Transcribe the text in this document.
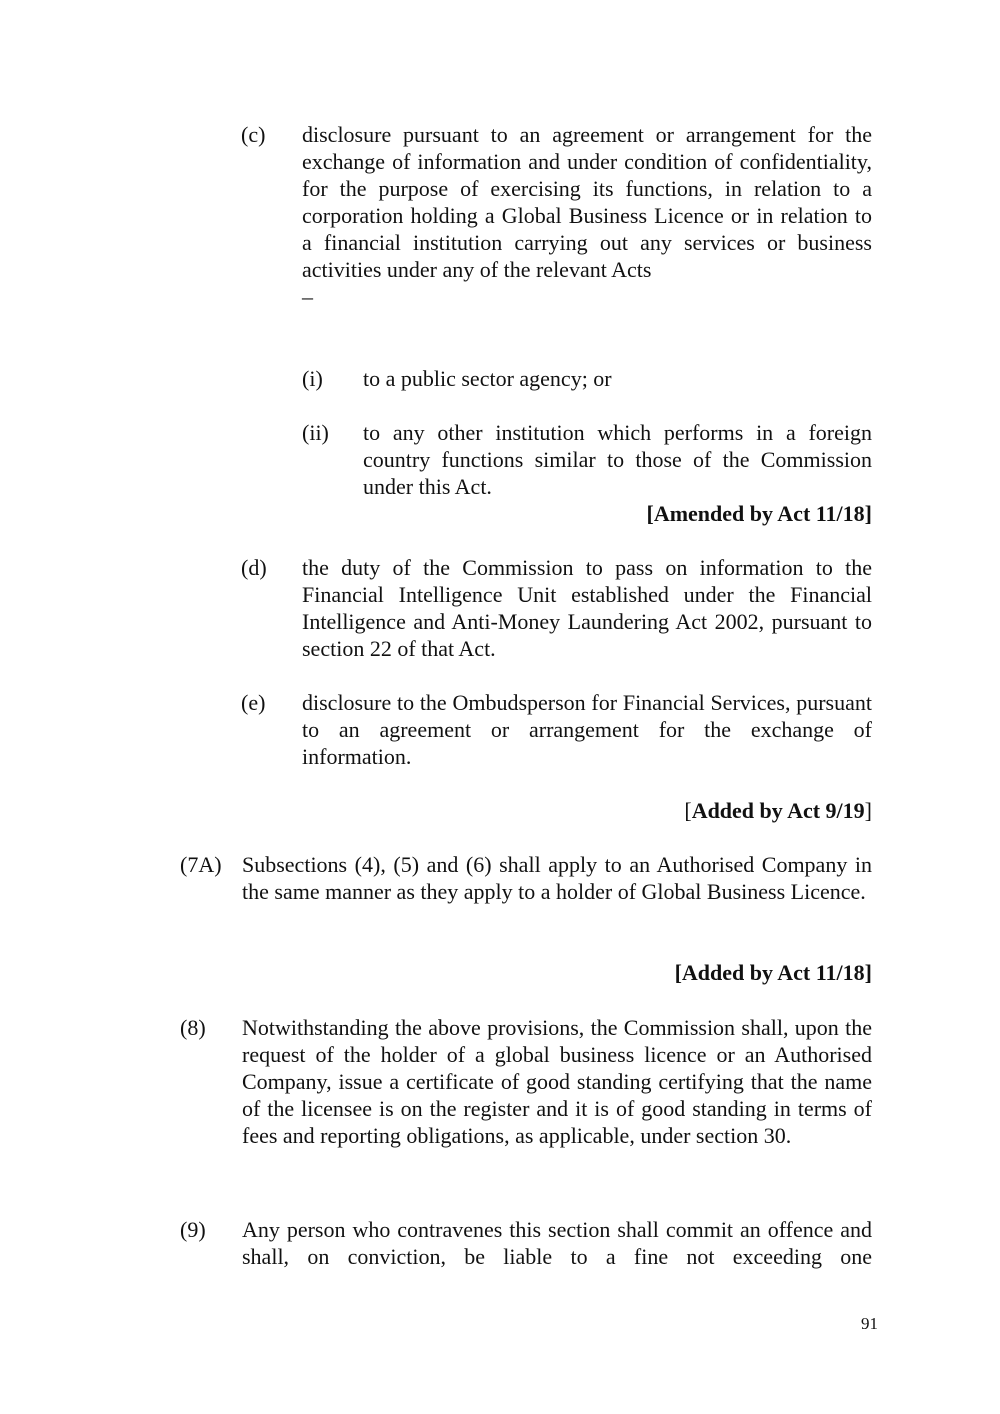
(c) disclosure pursuant to an agreement or arrangement for the exchange of information and under condition of confidentiality, for the purpose of exercising its functions, in relation to a corporation holding a Global Business Licence or in relation to a financial institution carrying out any services or business activities under any of the relevant Acts
–
(i) to a public sector agency; or
(ii) to any other institution which performs in a foreign country functions similar to those of the Commission under this Act.
[Amended by Act 11/18]
(d) the duty of the Commission to pass on information to the Financial Intelligence Unit established under the Financial Intelligence and Anti-Money Laundering Act 2002, pursuant to section 22 of that Act.
(e) disclosure to the Ombudsperson for Financial Services, pursuant to an agreement or arrangement for the exchange of information.
[Added by Act 9/19]
(7A) Subsections (4), (5) and (6) shall apply to an Authorised Company in the same manner as they apply to a holder of Global Business Licence.
[Added by Act 11/18]
(8) Notwithstanding the above provisions, the Commission shall, upon the request of the holder of a global business licence or an Authorised Company, issue a certificate of good standing certifying that the name of the licensee is on the register and it is of good standing in terms of fees and reporting obligations, as applicable, under section 30.
(9) Any person who contravenes this section shall commit an offence and shall, on conviction, be liable to a fine not exceeding one
91
